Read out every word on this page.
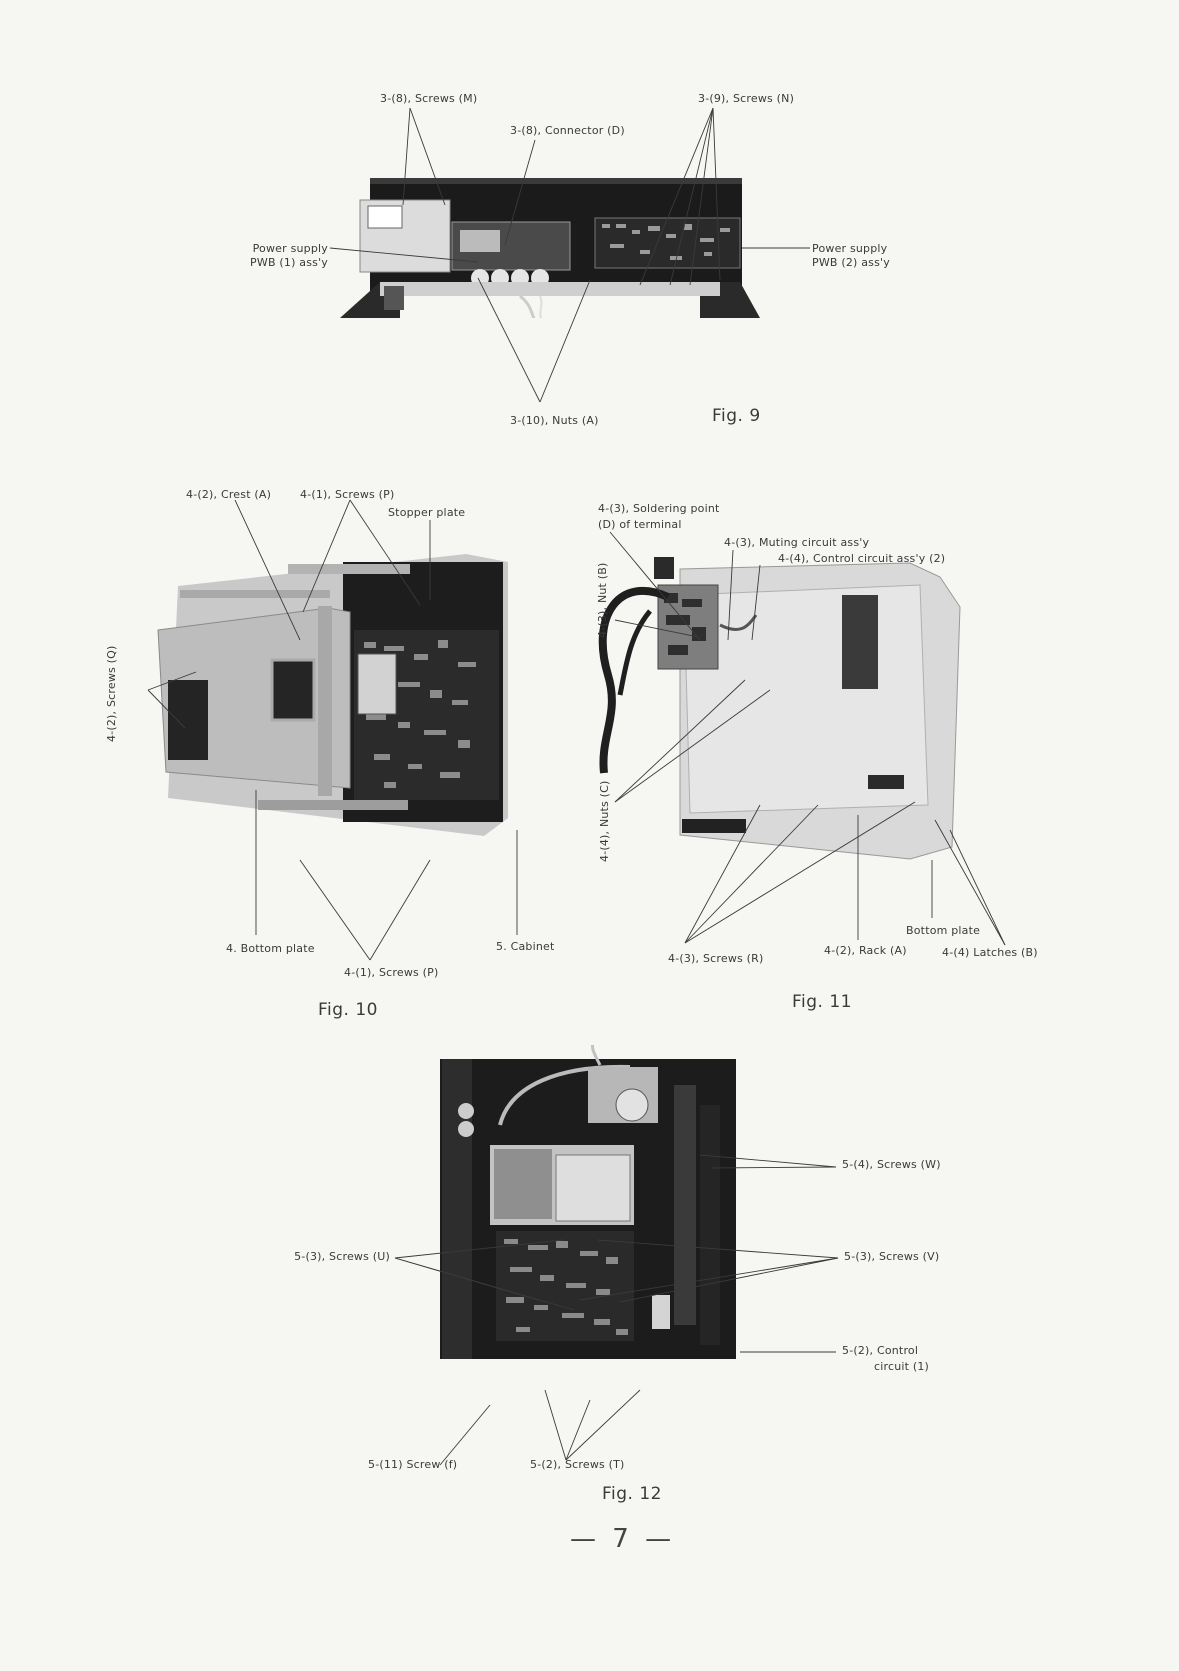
3-(8), Screws (M)	3-(9), Screws (N)
3-(8), Connector (D)
Power supply
PWB (1) ass'y
Power supply
PWB (2) ass'y
3-(10), Nuts (A)	Fig. 9
4-(2), Crest (A)	4-(1), Screws (P)
Stopper plate
4-(2), Screws (Q)
4. Bottom plate	5. Cabinet
4-(1), Screws (P)
Fig. 10
4-(3), Soldering point
(D) of terminal
4-(3), Muting circuit ass'y
4-(4), Control circuit ass'y (2)
4-(3), Nut (B)
4-(4), Nuts (C)
Bottom plate
4-(3), Screws (R)
4-(2), Rack (A)	4-(4) Latches (B)
Fig. 11
5-(4), Screws (W)
5-(3), Screws (U)	5-(3), Screws (V)
5-(2), Control
circuit (1)
5-(11) Screw (f)	5-(2), Screws (T)
Fig. 12
— 7 —
